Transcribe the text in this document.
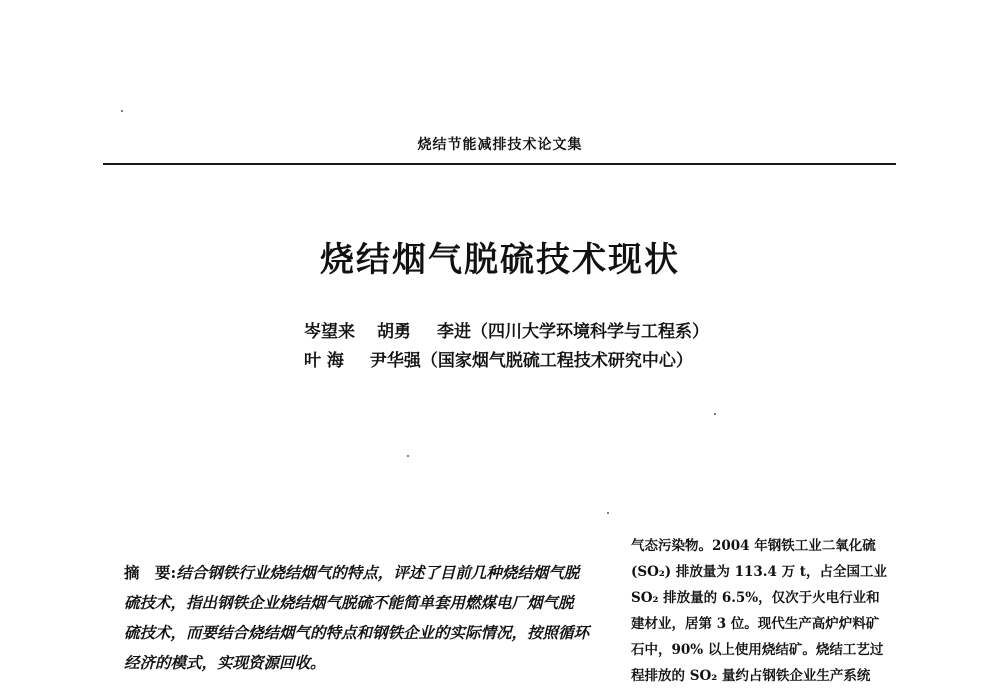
烧结节能减排技术论文集
烧结烟气脱硫技术现状
岑望来 胡勇 李进（四川大学环境科学与工程系）
叶 海 尹华强（国家烟气脱硫工程技术研究中心）
摘　要:结合钢铁行业烧结烟气的特点，评述了目前几种烧结烟气脱
硫技术，指出钢铁企业烧结烟气脱硫不能简单套用燃煤电厂烟气脱
硫技术，而要结合烧结烟气的特点和钢铁企业的实际情况，按照循环
经济的模式，实现资源回收。
气态污染物。2004 年钢铁工业二氧化硫
(SO₂) 排放量为 113.4 万 t，占全国工业
SO₂ 排放量的 6.5%，仅次于火电行业和
建材业，居第 3 位。现代生产高炉炉料矿
石中，90% 以上使用烧结矿。烧结工艺过
程排放的 SO₂ 量约占钢铁企业生产系统
